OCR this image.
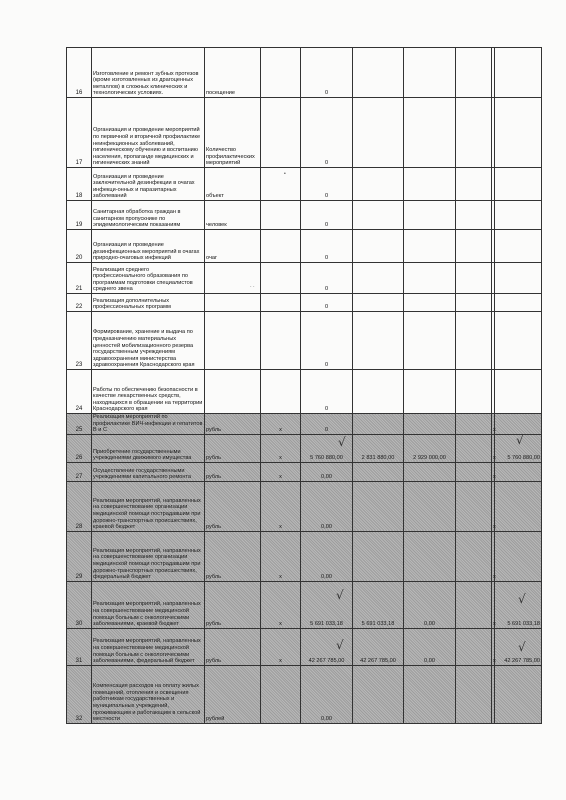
16	Изготовление и ремонт зубных протезов (кроме изготовленных из драгоценных металлов) в сложных клинических и технологических условиях.	посещение		0					
17	Организация и проведение мероприятий по первичной и вторичной профилактике неинфекционных заболеваний, гигиеническому обучению и воспитанию населения, пропаганде медицинских и гигиенических знаний	Количество профилактических мероприятий		0					
18	Организация и проведение заключительной дезинфекции в очагах инфекци-онных и паразитарных заболеваний	объект		0					
19	Санитарная обработка граждан в санитарном пропускнике по эпидемиологическим показаниям	человек		0					
20	Организация и проведение дезинфекционных мероприятий в очагах природно-очаговых инфекций	очаг		0					
21	Реализация среднего профессионального образования по программам подготовки специалистов среднего звена			0					
22	Реализация дополнительных профессиональных программ			0					
23	Формирование, хранение и выдача по предназначению материальных ценностей мобилизационного резерва государственным учреждениям здравоохранения министерства здравоохранения Краснодарского края			0					
24	Работы по обеспечению безопасности в качестве лекарственных средств, находящихся в обращении на территории Краснодарского края			0					
25	Реализация мероприятий по профилактике ВИЧ-инфекции и гепатитов В и С	рубль	x	0				x	
26	Приобретение государственными учреждениями движимого имущества	рубль	x	5 760 880,00	2 831 880,00	2 929 000,00		x	5 760 880,00
27	Осуществление государственными учреждениями капитального ремонта	рубль	x	0,00				x	
28	Реализация мероприятий, направленных на совершенствование организации медицинской помощи пострадавшим при дорожно-транспортных происшествиях, краевой бюджет	рубль	x	0,00				x	
29	Реализация мероприятий, направленных на совершенствование организации медицинской помощи пострадавшим при дорожно-транспортных происшествиях, федеральный бюджет	рубль	x	0,00				x	
30	Реализация мероприятий, направленных на совершенствование медицинской помощи больным с онкологическими заболеваниями, краевой бюджет	рубль	x	5 691 033,18	5 691 033,18	0,00		x	5 691 033,18
31	Реализация мероприятий, направленных на совершенствование медицинской помощи больным с онкологическими заболеваниями, федеральный бюджет	рубль	x	42 267 785,00	42 267 785,00	0,00		x	42 267 785,00
32	Компенсация расходов на оплату жилых помещений, отопления и освещения работникам государственных и муниципальных учреждений, проживающим и работающим в сельской местности	рублей		0,00					
√	√
√	√
√	√
•
· ·
